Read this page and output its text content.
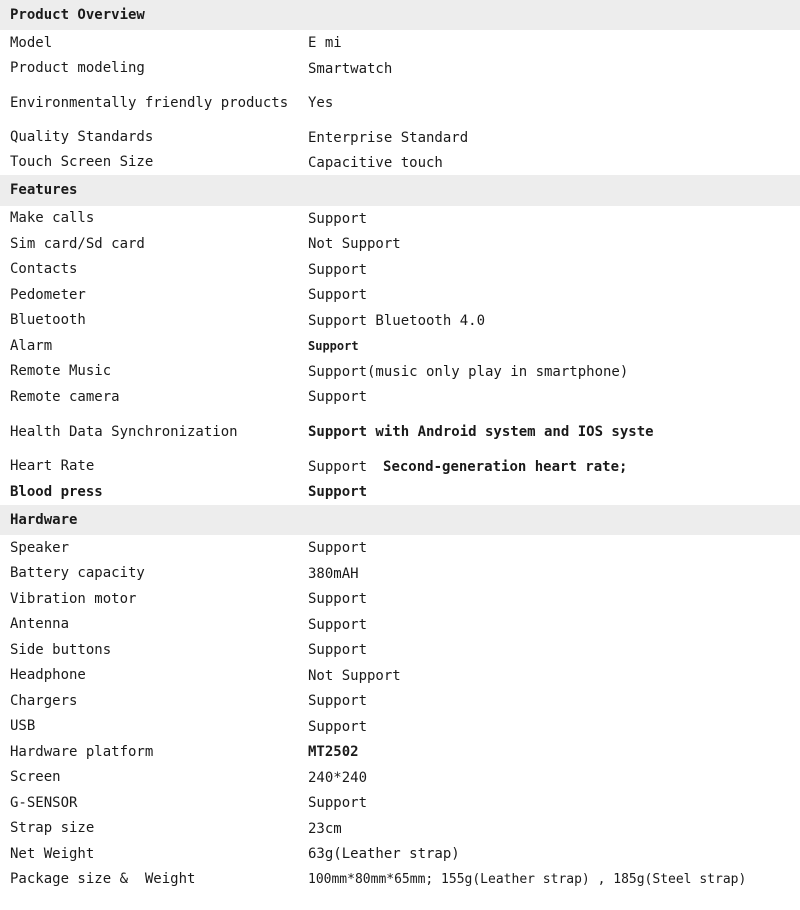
Product Overview
Model	E mi
Product modeling	Smartwatch
Environmentally friendly products	Yes
Quality Standards	Enterprise Standard
Touch Screen Size	Capacitive touch
Features
Make calls	Support
Sim card/Sd card	Not Support
Contacts	Support
Pedometer	Support
Bluetooth	Support Bluetooth 4.0
Alarm	Support
Remote Music	Support(music only play in smartphone)
Remote camera	Support
Health Data Synchronization	Support with Android system and IOS syste
Heart Rate	Support Second-generation heart rate;
Blood press	Support
Hardware
Speaker	Support
Battery capacity	380mAH
Vibration motor	Support
Antenna	Support
Side buttons	Support
Headphone	Not Support
Chargers	Support
USB	Support
Hardware platform	MT2502
Screen	240*240
G-SENSOR	Support
Strap size	23cm
Net Weight	63g(Leather strap)
Package size &  Weight	100mm*80mm*65mm; 155g(Leather strap) , 185g(Steel strap)
